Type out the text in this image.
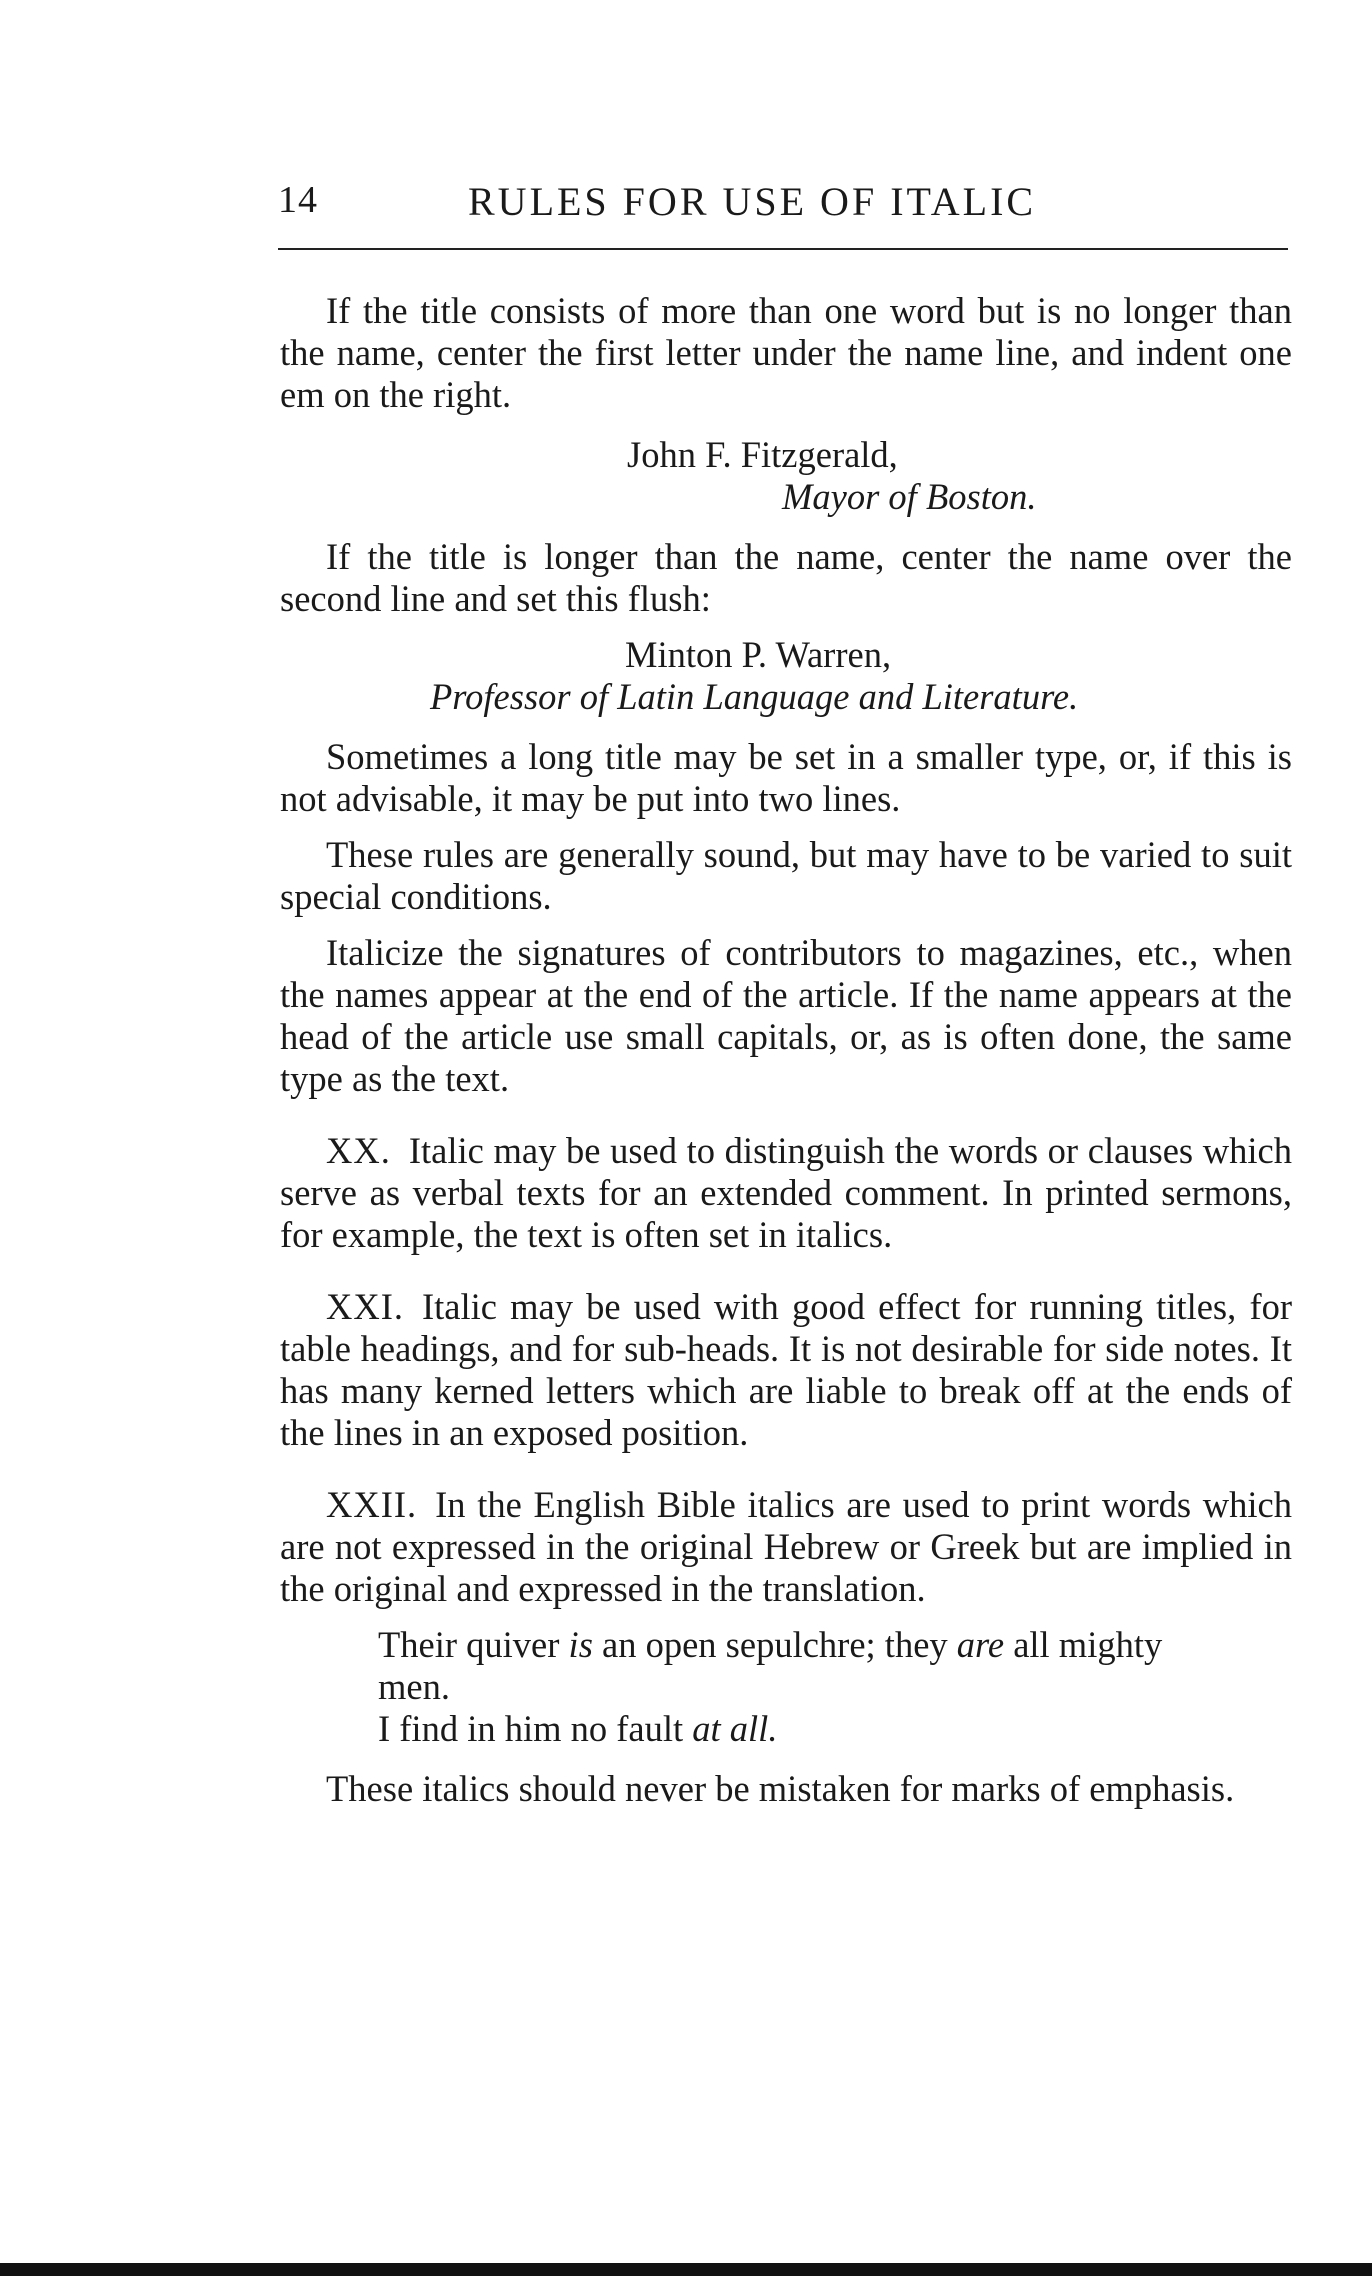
14	RULES FOR USE OF ITALIC

If the title consists of more than one word but is no longer than the name, center the first letter under the name line, and indent one em on the right.

John F. Fitzgerald,
Mayor of Boston.

If the title is longer than the name, center the name over the second line and set this flush:

Minton P. Warren,
Professor of Latin Language and Literature.

Sometimes a long title may be set in a smaller type, or, if this is not advisable, it may be put into two lines.

These rules are generally sound, but may have to be varied to suit special conditions.

Italicize the signatures of contributors to magazines, etc., when the names appear at the end of the article. If the name appears at the head of the article use small capitals, or, as is often done, the same type as the text.

XX. Italic may be used to distinguish the words or clauses which serve as verbal texts for an extended comment. In printed sermons, for example, the text is often set in italics.

XXI. Italic may be used with good effect for running titles, for table headings, and for sub-heads. It is not desirable for side notes. It has many kerned letters which are liable to break off at the ends of the lines in an exposed position.

XXII. In the English Bible italics are used to print words which are not expressed in the original Hebrew or Greek but are implied in the original and expressed in the translation.

Their quiver is an open sepulchre; they are all mighty

men.

I find in him no fault at all.

These italics should never be mistaken for marks of emphasis.
